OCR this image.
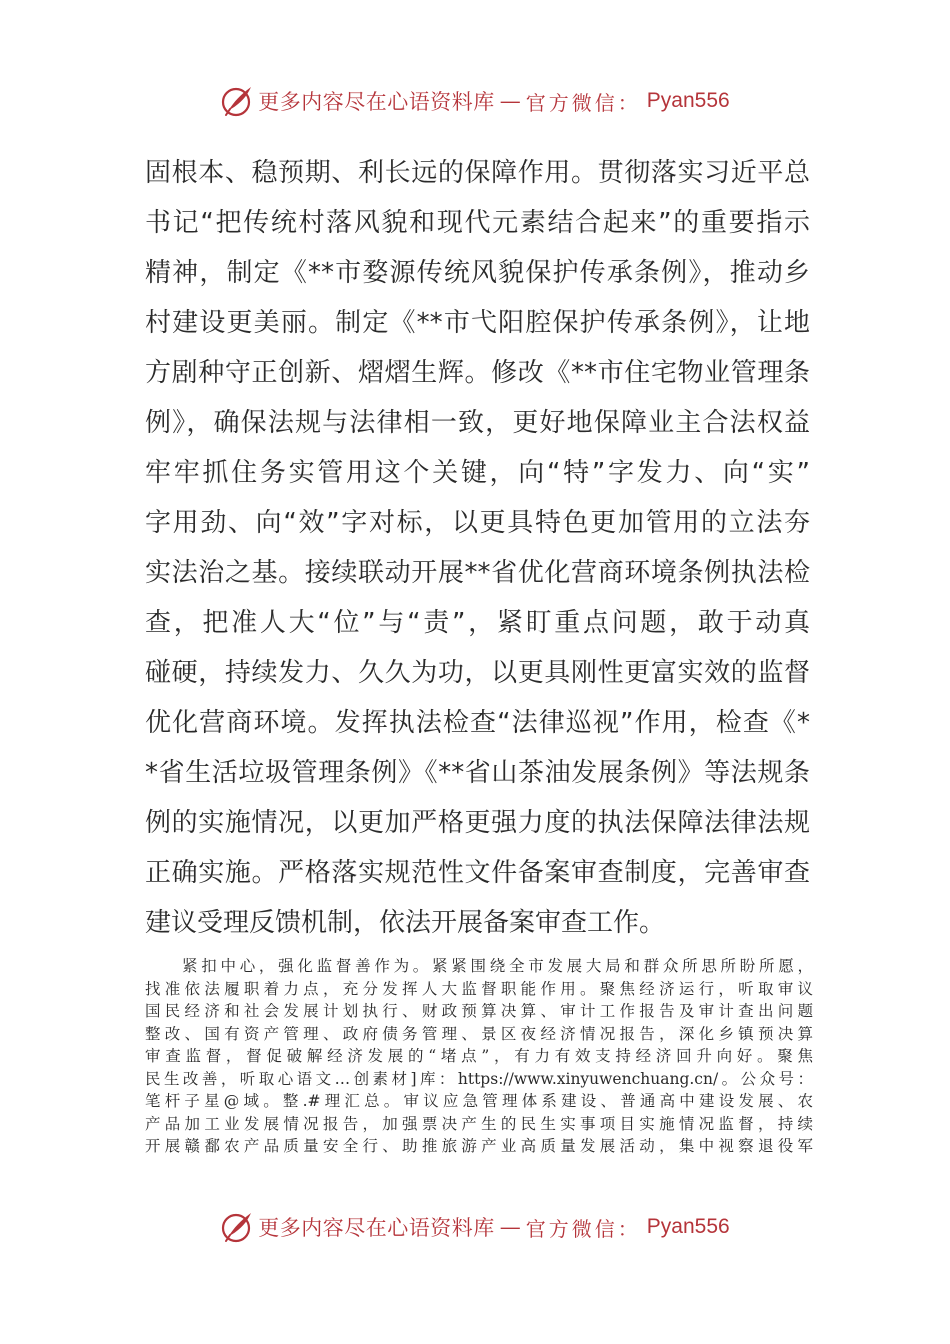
更多内容尽在心语资料库 — 官方微信： Pyan556
固根本、稳预期、利长远的保障作用。贯彻落实习近平总
书记“把传统村落风貌和现代元素结合起来”的重要指示
精神，制定《**市婺源传统风貌保护传承条例》，推动乡
村建设更美丽。制定《**市弋阳腔保护传承条例》，让地
方剧种守正创新、熠熠生辉。修改《**市住宅物业管理条
例》，确保法规与法律相一致，更好地保障业主合法权益
牢牢抓住务实管用这个关键，向“特”字发力、向“实”
字用劲、向“效”字对标，以更具特色更加管用的立法夯
实法治之基。接续联动开展**省优化营商环境条例执法检
查，把准人大“位”与“责”，紧盯重点问题，敢于动真
碰硬，持续发力、久久为功，以更具刚性更富实效的监督
优化营商环境。发挥执法检查“法律巡视”作用，检查《*
*省生活垃圾管理条例》《**省山茶油发展条例》等法规条
例的实施情况，以更加严格更强力度的执法保障法律法规
正确实施。严格落实规范性文件备案审查制度，完善审查
建议受理反馈机制，依法开展备案审查工作。
紧扣中心，强化监督善作为。紧紧围绕全市发展大局和群众所思所盼所愿，
找准依法履职着力点，充分发挥人大监督职能作用。聚焦经济运行，听取审议
国民经济和社会发展计划执行、财政预算决算、审计工作报告及审计查出问题
整改、国有资产管理、政府债务管理、景区夜经济情况报告，深化乡镇预决算
审查监督，督促破解经济发展的“堵点”，有力有效支持经济回升向好。聚焦
民生改善，听取心语文…创素材]库：https://www.xinyuwenchuang.cn/。公众号：
笔杆子星@域。整.#理汇总。审议应急管理体系建设、普通高中建设发展、农
产品加工业发展情况报告，加强票决产生的民生实事项目实施情况监督，持续
开展赣鄱农产品质量安全行、助推旅游产业高质量发展活动，集中视察退役军
更多内容尽在心语资料库 — 官方微信： Pyan556
